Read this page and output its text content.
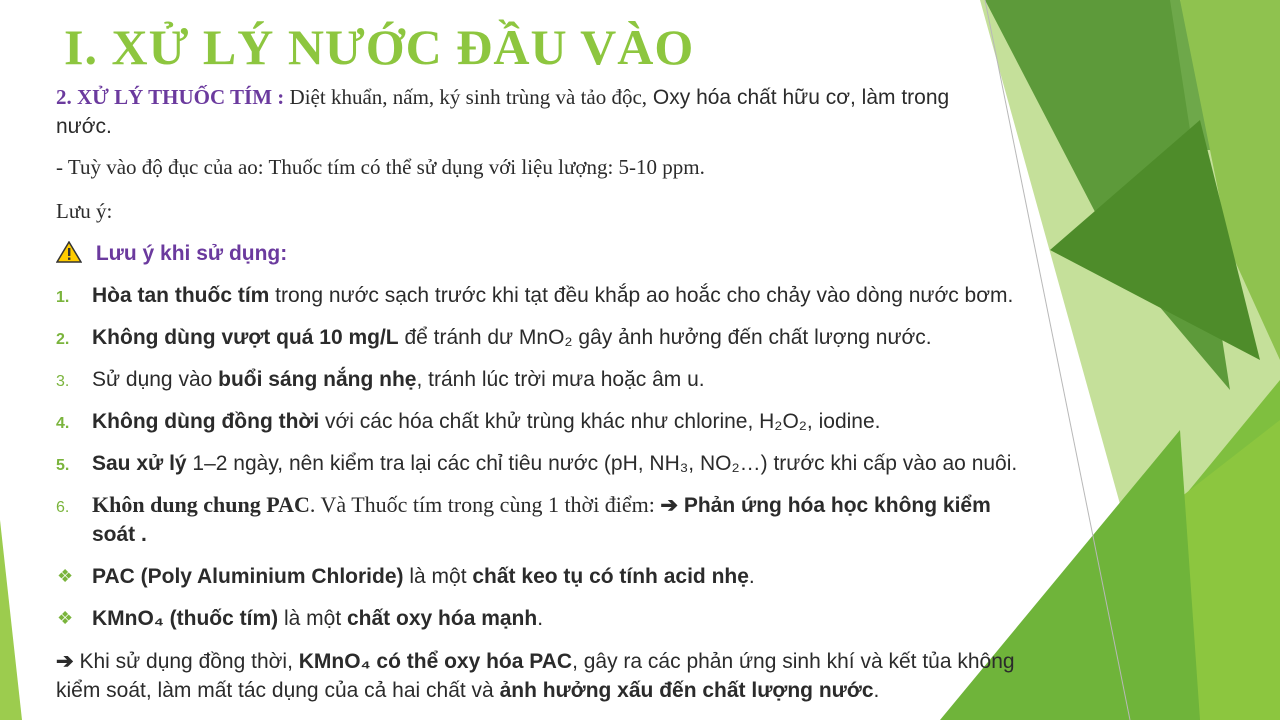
I. XỬ LÝ NƯỚC ĐẦU VÀO
2. XỬ LÝ THUỐC TÍM : Diệt khuẩn, nấm, ký sinh trùng và tảo độc, Oxy hóa chất hữu cơ, làm trong
nước.
- Tuỳ vào độ đục của ao: Thuốc tím có thể sử dụng với liệu lượng: 5-10 ppm.
Lưu ý:
Lưu ý khi sử dụng:
1. Hòa tan thuốc tím trong nước sạch trước khi tạt đều khắp ao hoắc cho chảy vào dòng nước bơm.
2. Không dùng vượt quá 10 mg/L để tránh dư MnO₂ gây ảnh hưởng đến chất lượng nước.
3. Sử dụng vào buổi sáng nắng nhẹ, tránh lúc trời mưa hoặc âm u.
4. Không dùng đồng thời với các hóa chất khử trùng khác như chlorine, H₂O₂, iodine.
5. Sau xử lý 1–2 ngày, nên kiểm tra lại các chỉ tiêu nước (pH, NH₃, NO₂…) trước khi cấp vào ao nuôi.
6. Khôn dung chung PAC. Và Thuốc tím trong cùng 1 thời điểm: ➔ Phản ứng hóa học không kiểm
soát .
❖ PAC (Poly Aluminium Chloride) là một chất keo tụ có tính acid nhẹ.
❖ KMnO₄ (thuốc tím) là một chất oxy hóa mạnh.
➔ Khi sử dụng đồng thời, KMnO₄ có thể oxy hóa PAC, gây ra các phản ứng sinh khí và kết tủa không
kiểm soát, làm mất tác dụng của cả hai chất và ảnh hưởng xấu đến chất lượng nước.
